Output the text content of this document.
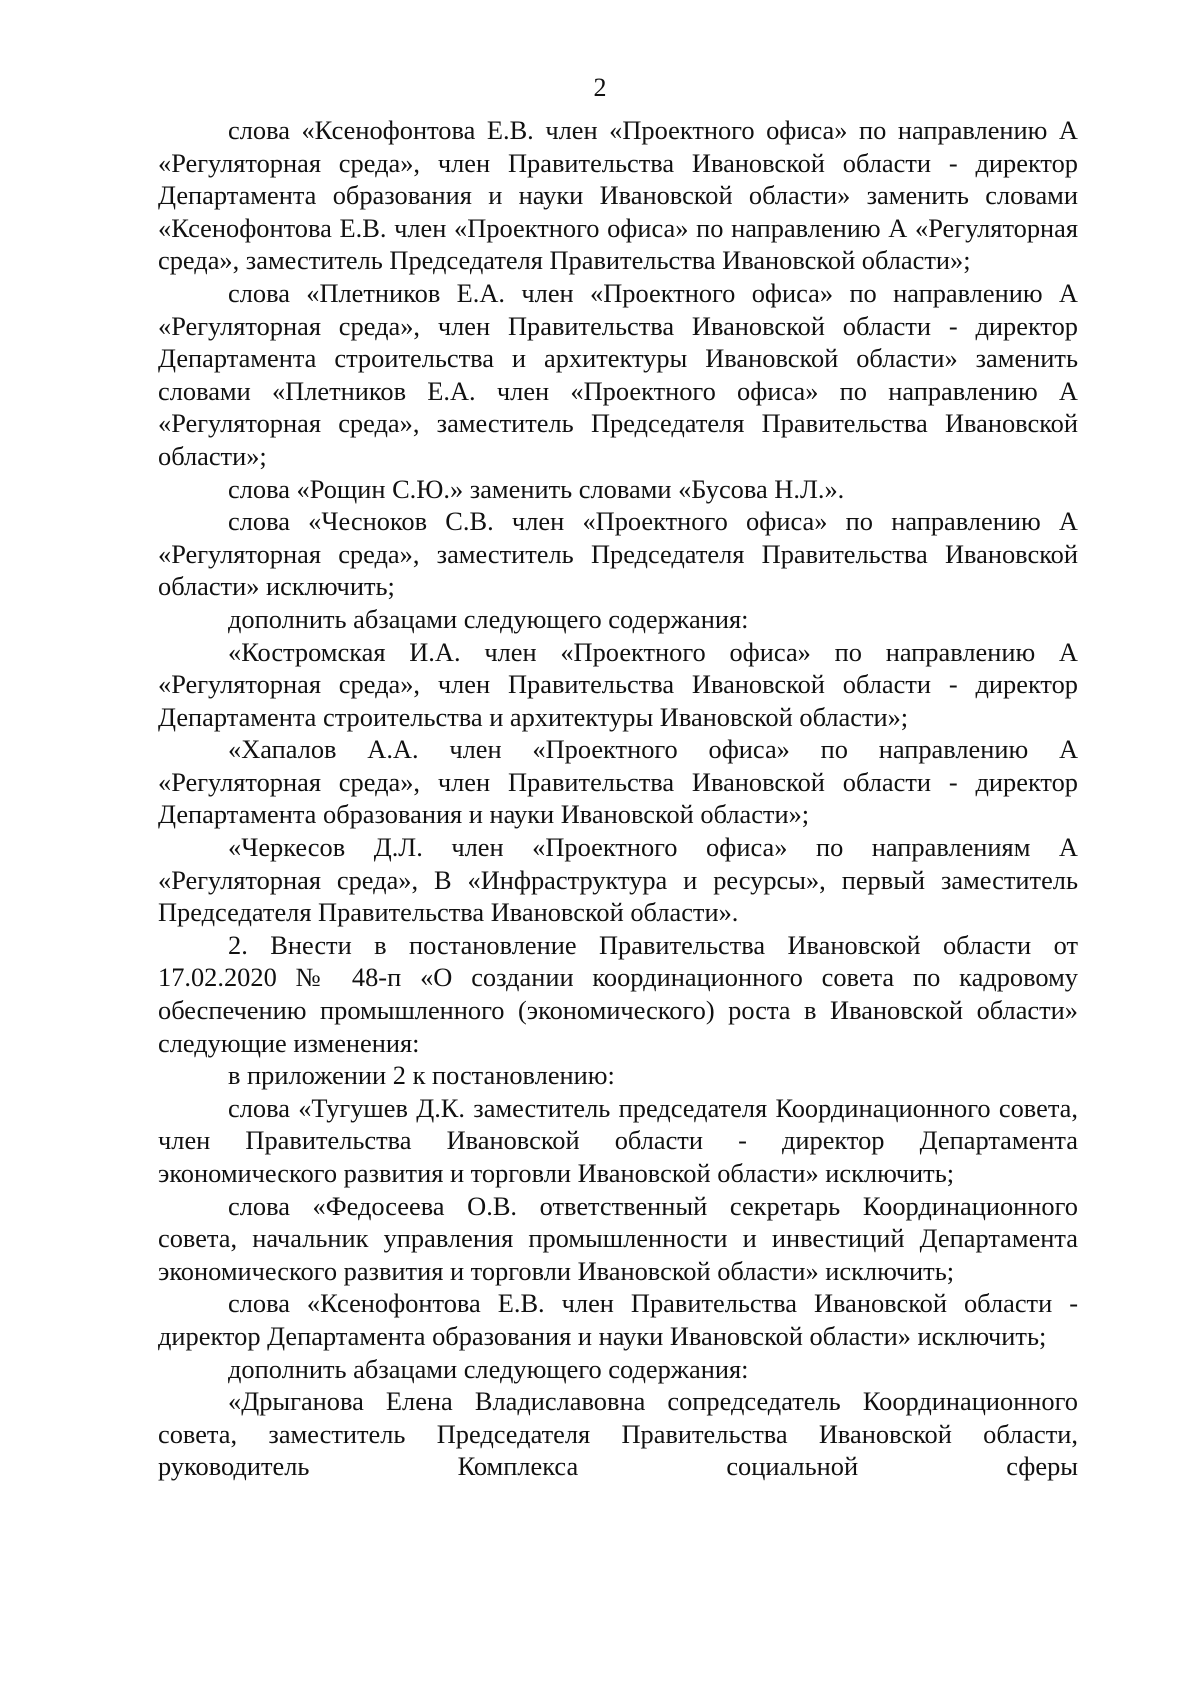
2

слова «Ксенофонтова Е.В. член «Проектного офиса» по направлению А «Регуляторная среда», член Правительства Ивановской области - директор Департамента образования и науки Ивановской области» заменить словами «Ксенофонтова Е.В. член «Проектного офиса» по направлению А «Регуляторная среда», заместитель Председателя Правительства Ивановской области»;

слова «Плетников Е.А. член «Проектного офиса» по направлению А «Регуляторная среда», член Правительства Ивановской области - директор Департамента строительства и архитектуры Ивановской области» заменить словами «Плетников Е.А. член «Проектного офиса» по направлению А «Регуляторная среда», заместитель Председателя Правительства Ивановской области»;

слова «Рощин С.Ю.» заменить словами «Бусова Н.Л.».

слова «Чесноков С.В. член «Проектного офиса» по направлению А «Регуляторная среда», заместитель Председателя Правительства Ивановской области» исключить;

дополнить абзацами следующего содержания:

«Костромская И.А. член «Проектного офиса» по направлению А «Регуляторная среда», член Правительства Ивановской области - директор Департамента строительства и архитектуры Ивановской области»;

«Хапалов А.А. член «Проектного офиса» по направлению А «Регуляторная среда», член Правительства Ивановской области - директор Департамента образования и науки Ивановской области»;

«Черкесов Д.Л. член «Проектного офиса» по направлениям А «Регуляторная среда», В «Инфраструктура и ресурсы», первый заместитель Председателя Правительства Ивановской области».

2. Внести в постановление Правительства Ивановской области от 17.02.2020 № 48-п «О создании координационного совета по кадровому обеспечению промышленного (экономического) роста в Ивановской области» следующие изменения:

в приложении 2 к постановлению:

слова «Тугушев Д.К. заместитель председателя Координационного совета, член Правительства Ивановской области - директор Департамента экономического развития и торговли Ивановской области» исключить;

слова «Федосеева О.В. ответственный секретарь Координационного совета, начальник управления промышленности и инвестиций Департамента экономического развития и торговли Ивановской области» исключить;

слова «Ксенофонтова Е.В. член Правительства Ивановской области - директор Департамента образования и науки Ивановской области» исключить;

дополнить абзацами следующего содержания:

«Дрыганова Елена Владиславовна сопредседатель Координационного совета, заместитель Председателя Правительства Ивановской области, руководитель Комплекса социальной сферы
